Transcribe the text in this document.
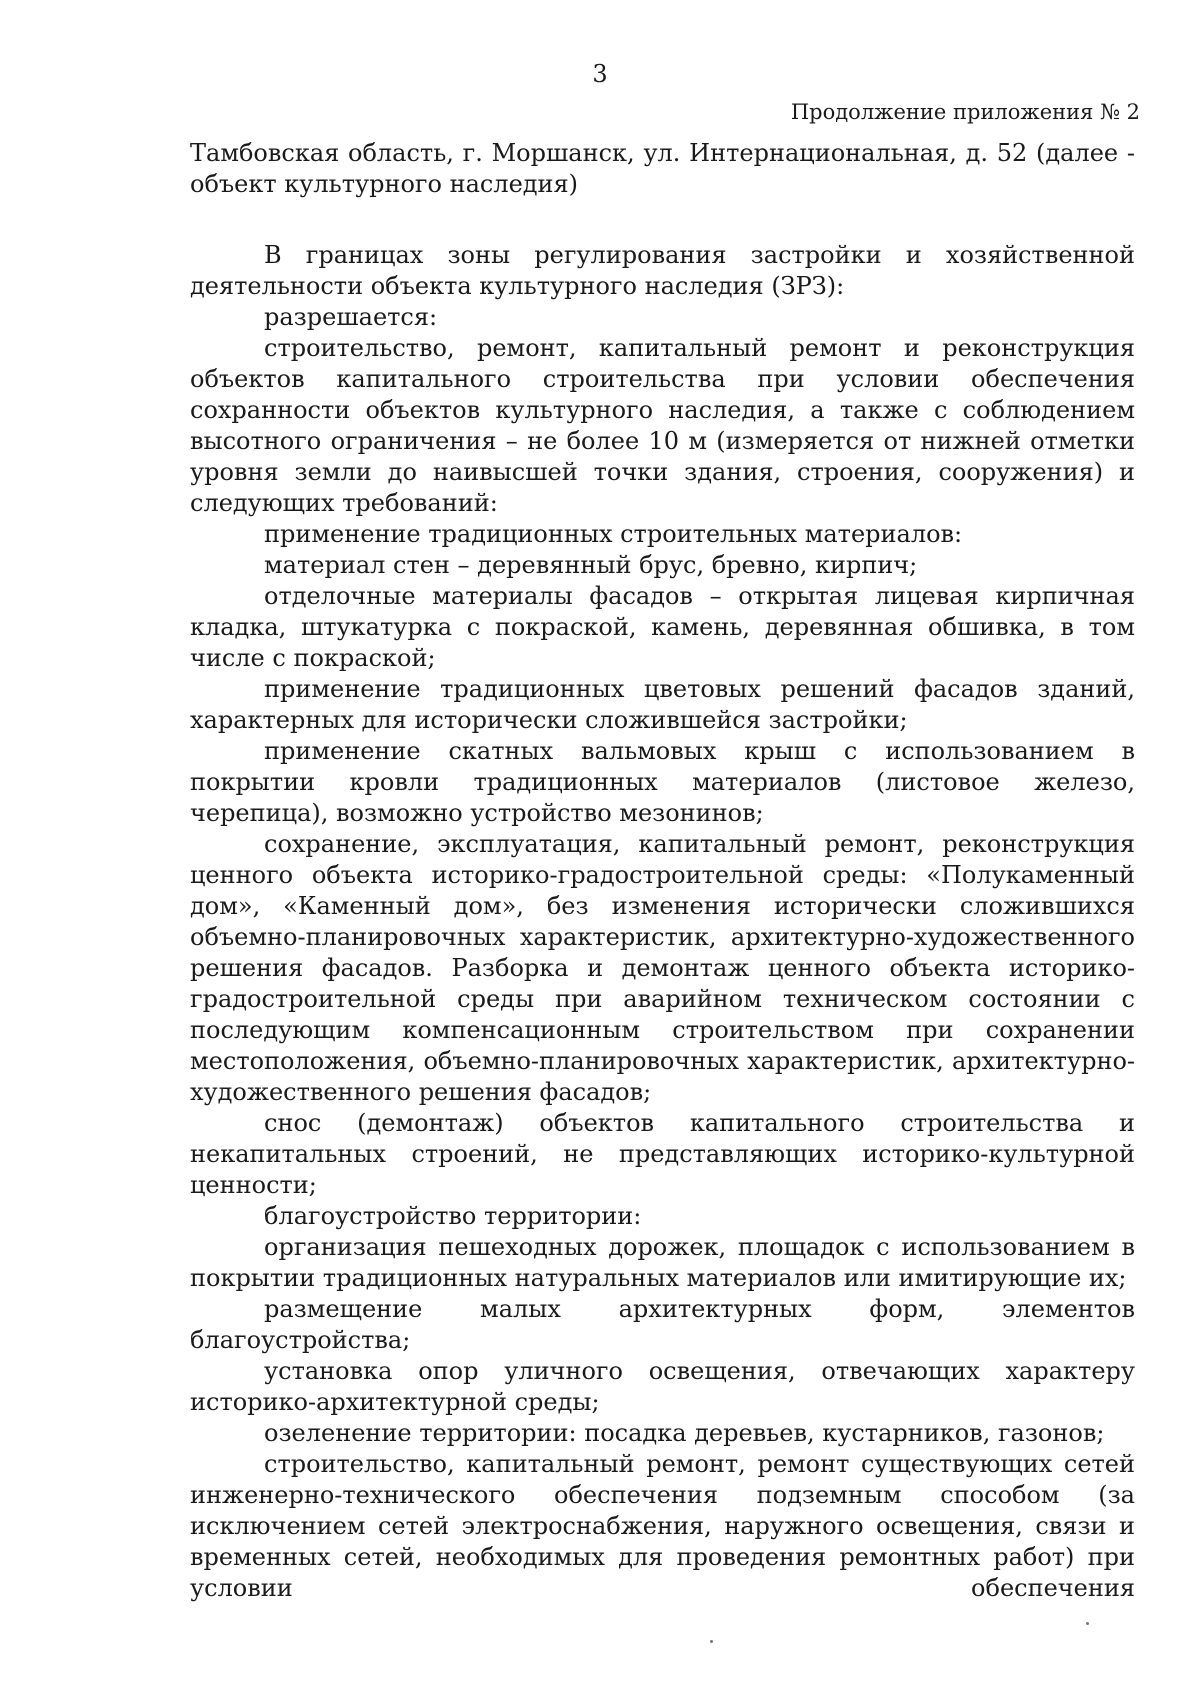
3
Продолжение приложения № 2

Тамбовская область, г. Моршанск, ул. Интернациональная, д. 52 (далее - объект культурного наследия)

В границах зоны регулирования застройки и хозяйственной деятельности объекта культурного наследия (ЗРЗ):

разрешается:

строительство, ремонт, капитальный ремонт и реконструкция объектов капитального строительства при условии обеспечения сохранности объектов культурного наследия, а также с соблюдением высотного ограничения – не более 10 м (измеряется от нижней отметки уровня земли до наивысшей точки здания, строения, сооружения) и следующих требований:

применение традиционных строительных материалов:

материал стен – деревянный брус, бревно, кирпич;

отделочные материалы фасадов – открытая лицевая кирпичная кладка, штукатурка с покраской, камень, деревянная обшивка, в том числе с покраской;

применение традиционных цветовых решений фасадов зданий, характерных для исторически сложившейся застройки;

применение скатных вальмовых крыш с использованием в покрытии кровли традиционных материалов (листовое железо, черепица), возможно устройство мезонинов;

сохранение, эксплуатация, капитальный ремонт, реконструкция ценного объекта историко-градостроительной среды: «Полукаменный дом», «Каменный дом», без изменения исторически сложившихся объемно-планировочных характеристик, архитектурно-художественного решения фасадов. Разборка и демонтаж ценного объекта историко-градостроительной среды при аварийном техническом состоянии с последующим компенсационным строительством при сохранении местоположения, объемно-планировочных характеристик, архитектурно-художественного решения фасадов;

снос (демонтаж) объектов капитального строительства и некапитальных строений, не представляющих историко-культурной ценности;

благоустройство территории:

организация пешеходных дорожек, площадок с использованием в покрытии традиционных натуральных материалов или имитирующие их;

размещение малых архитектурных форм, элементов благоустройства;

установка опор уличного освещения, отвечающих характеру историко-архитектурной среды;

озеленение территории: посадка деревьев, кустарников, газонов;

строительство, капитальный ремонт, ремонт существующих сетей инженерно-технического обеспечения подземным способом (за исключением сетей электроснабжения, наружного освещения, связи и временных сетей, необходимых для проведения ремонтных работ) при условии обеспечения
